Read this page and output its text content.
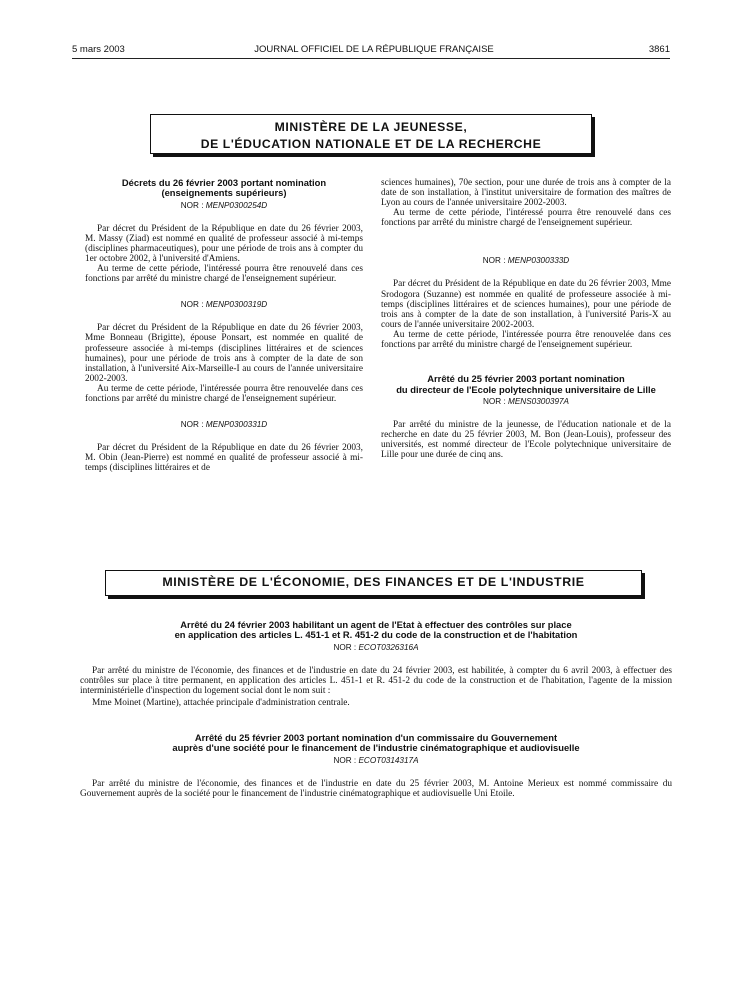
5 mars 2003	JOURNAL OFFICIEL DE LA RÉPUBLIQUE FRANÇAISE	3861
MINISTÈRE DE LA JEUNESSE,
DE L'ÉDUCATION NATIONALE ET DE LA RECHERCHE
Décrets du 26 février 2003 portant nomination
(enseignements supérieurs)
NOR : MENP0300254D

Par décret du Président de la République en date du 26 février 2003, M. Massy (Ziad) est nommé en qualité de professeur associé à mi-temps (disciplines pharmaceutiques), pour une période de trois ans à compter du 1er octobre 2002, à l'université d'Amiens.

Au terme de cette période, l'intéressé pourra être renouvelé dans ces fonctions par arrêté du ministre chargé de l'enseignement supérieur.

NOR : MENP0300319D

Par décret du Président de la République en date du 26 février 2003, Mme Bonneau (Brigitte), épouse Ponsart, est nommée en qualité de professeure associée à mi-temps (disciplines littéraires et de sciences humaines), pour une période de trois ans à compter de la date de son installation, à l'université Aix-Marseille-I au cours de l'année universitaire 2002-2003.

Au terme de cette période, l'intéressée pourra être renouvelée dans ces fonctions par arrêté du ministre chargé de l'enseignement supérieur.

NOR : MENP0300331D

Par décret du Président de la République en date du 26 février 2003, M. Obin (Jean-Pierre) est nommé en qualité de professeur associé à mi-temps (disciplines littéraires et de

sciences humaines), 70e section, pour une durée de trois ans à compter de la date de son installation, à l'institut universitaire de formation des maîtres de Lyon au cours de l'année universitaire 2002-2003.

Au terme de cette période, l'intéressé pourra être renouvelé dans ces fonctions par arrêté du ministre chargé de l'enseignement supérieur.

NOR : MENP0300333D

Par décret du Président de la République en date du 26 février 2003, Mme Srodogora (Suzanne) est nommée en qualité de professeure associée à mi-temps (disciplines littéraires et de sciences humaines), pour une période de trois ans à compter de la date de son installation, à l'université Paris-X au cours de l'année universitaire 2002-2003.

Au terme de cette période, l'intéressée pourra être renouvelée dans ces fonctions par arrêté du ministre chargé de l'enseignement supérieur.

Arrêté du 25 février 2003 portant nomination
du directeur de l'Ecole polytechnique universitaire de Lille
NOR : MENS0300397A

Par arrêté du ministre de la jeunesse, de l'éducation nationale et de la recherche en date du 25 février 2003, M. Bon (Jean-Louis), professeur des universités, est nommé directeur de l'Ecole polytechnique universitaire de Lille pour une durée de cinq ans.

MINISTÈRE DE L'ÉCONOMIE, DES FINANCES ET DE L'INDUSTRIE
Arrêté du 24 février 2003 habilitant un agent de l'Etat à effectuer des contrôles sur place
en application des articles L. 451-1 et R. 451-2 du code de la construction et de l'habitation
NOR : ECOT0326316A

Par arrêté du ministre de l'économie, des finances et de l'industrie en date du 24 février 2003, est habilitée, à compter du 6 avril 2003, à effectuer des contrôles sur place à titre permanent, en application des articles L. 451-1 et R. 451-2 du code de la construction et de l'habitation, l'agente de la mission interministérielle d'inspection du logement social dont le nom suit :

Mme Moinet (Martine), attachée principale d'administration centrale.

Arrêté du 25 février 2003 portant nomination d'un commissaire du Gouvernement
auprès d'une société pour le financement de l'industrie cinématographique et audiovisuelle
NOR : ECOT0314317A

Par arrêté du ministre de l'économie, des finances et de l'industrie en date du 25 février 2003, M. Antoine Merieux est nommé commissaire du Gouvernement auprès de la société pour le financement de l'industrie cinématographique et audiovisuelle Uni Etoile.
